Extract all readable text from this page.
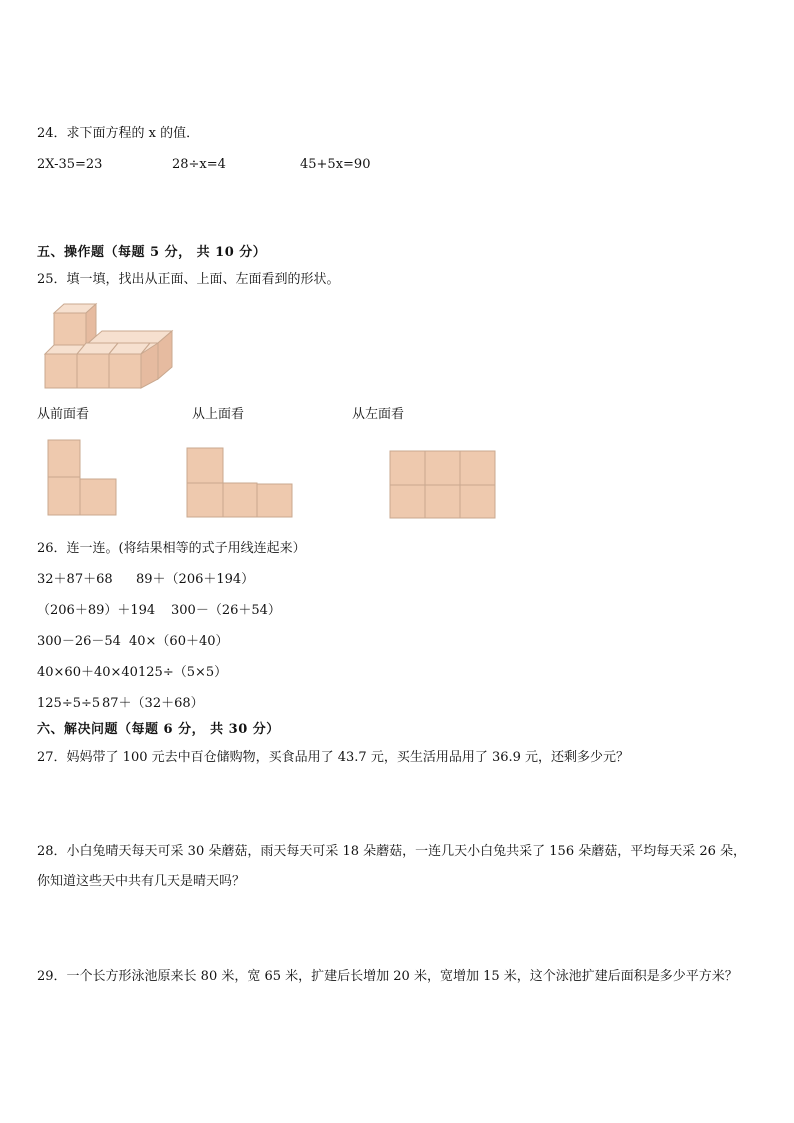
24．求下面方程的 x 的值．
2X-35=23	28÷x=4	45+5x=90
五、操作题（每题 5 分， 共 10 分）
25．填一填，找出从正面、上面、左面看到的形状。
从前面看	从上面看	从左面看
26．连一连。(将结果相等的式子用线连起来）
32＋87＋68 89＋（206＋194）
（206＋89）＋194 300－（26＋54）
300－26－54 40×（60＋40）
40×60＋40×40 125÷（5×5）
125÷5÷5 87＋（32＋68）
六、解决问题（每题 6 分， 共 30 分）
27．妈妈带了 100 元去中百仓储购物，买食品用了 43.7 元，买生活用品用了 36.9 元，还剩多少元？
28．小白兔晴天每天可采 30 朵蘑菇，雨天每天可采 18 朵蘑菇，一连几天小白兔共采了 156 朵蘑菇，平均每天采 26 朵，
你知道这些天中共有几天是晴天吗？
29．一个长方形泳池原来长 80 米，宽 65 米，扩建后长增加 20 米，宽增加 15 米，这个泳池扩建后面积是多少平方米？
